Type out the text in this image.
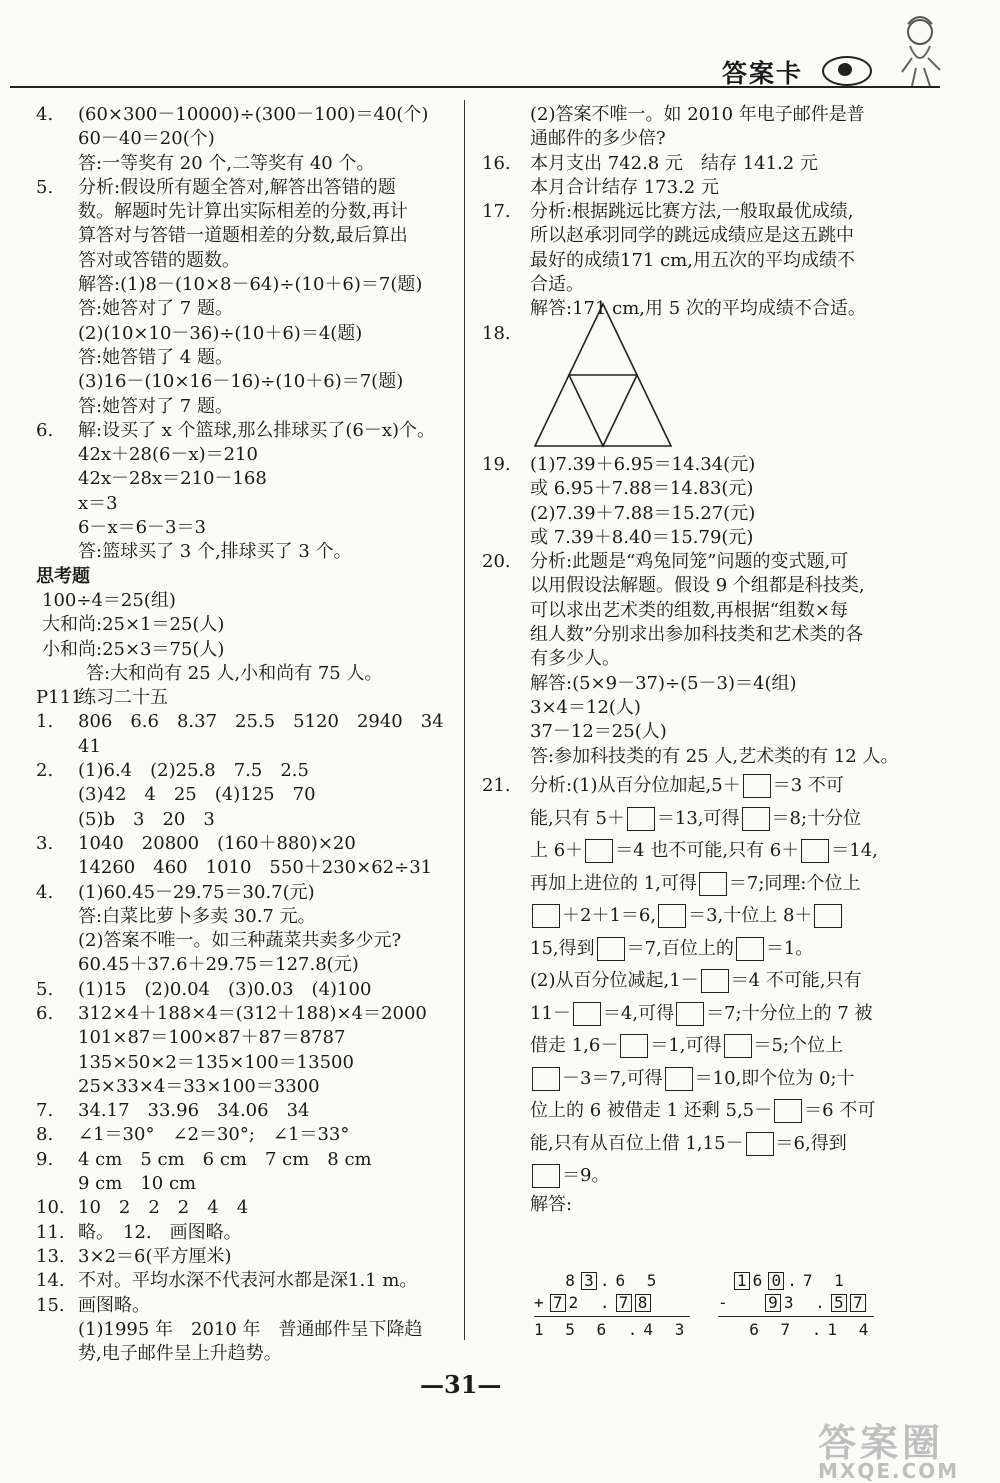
答案卡
4. (60×300－10000)÷(300－100)＝40(个)
60－40＝20(个)
答:一等奖有 20 个,二等奖有 40 个。
5. 分析:假设所有题全答对,解答出答错的题
数。解题时先计算出实际相差的分数,再计
算答对与答错一道题相差的分数,最后算出
答对或答错的题数。
解答:(1)8－(10×8－64)÷(10＋6)＝7(题)
答:她答对了 7 题。
(2)(10×10－36)÷(10＋6)＝4(题)
答:她答错了 4 题。
(3)16－(10×16－16)÷(10＋6)＝7(题)
答:她答对了 7 题。
6. 解:设买了 x 个篮球,那么排球买了(6－x)个。
42x＋28(6－x)＝210
42x－28x＝210－168
x＝3
6－x＝6－3＝3
答:篮球买了 3 个,排球买了 3 个。
思考题
100÷4＝25(组)
大和尚:25×1＝25(人)
小和尚:25×3＝75(人)
答:大和尚有 25 人,小和尚有 75 人。
P111练习二十五
1. 806　6.6　8.37　25.5　5120　2940　34
41
2. (1)6.4　(2)25.8　7.5　2.5
(3)42　4　25　(4)125　70
(5)b　3　20　3
3. 1040　20800　(160＋880)×20
14260　460　1010　550＋230×62÷31
4. (1)60.45－29.75＝30.7(元)
答:白菜比萝卜多卖 30.7 元。
(2)答案不唯一。如三种蔬菜共卖多少元?
60.45＋37.6＋29.75＝127.8(元)
5. (1)15　(2)0.04　(3)0.03　(4)100
6. 312×4＋188×4＝(312＋188)×4＝2000
101×87＝100×87＋87＝8787
135×50×2＝135×100＝13500
25×33×4＝33×100＝3300
7. 34.17　33.96　34.06　34
8. ∠1＝30°　∠2＝30°;　∠1＝33°
9. 4 cm　5 cm　6 cm　7 cm　8 cm
9 cm　10 cm
10. 10　2　2　2　4　4
11. 略。　12.　画图略。
13. 3×2＝6(平方厘米)
14. 不对。平均水深不代表河水都是深1.1 m。
15. 画图略。
(1)1995 年　2010 年　普通邮件呈下降趋
势,电子邮件呈上升趋势。
(2)答案不唯一。如 2010 年电子邮件是普
通邮件的多少倍?
16. 本月支出 742.8 元　结存 141.2 元
本月合计结存 173.2 元
17. 分析:根据跳远比赛方法,一般取最优成绩,
所以赵承羽同学的跳远成绩应是这五跳中
最好的成绩171 cm,用五次的平均成绩不
合适。
解答:171 cm,用 5 次的平均成绩不合适。
18.
19. (1)7.39＋6.95＝14.34(元)
或 6.95＋7.88＝14.83(元)
(2)7.39＋7.88＝15.27(元)
或 7.39＋8.40＝15.79(元)
20. 分析:此题是“鸡兔同笼”问题的变式题,可
以用假设法解题。假设 9 个组都是科技类,
可以求出艺术类的组数,再根据“组数×每
组人数”分别求出参加科技类和艺术类的各
有多少人。
解答:(5×9－37)÷(5－3)＝4(组)
3×4＝12(人)
37－12＝25(人)
答:参加科技类的有 25 人,艺术类的有 12 人。
21. 分析:(1)从百分位加起,5＋ ＝3 不可
能,只有 5＋ ＝13,可得 ＝8;十分位
上 6＋ ＝4 也不可能,只有 6＋ ＝14,
再加上进位的 1,可得 ＝7;同理:个位上
＋2＋1＝6, ＝3,十位上 8＋
15,得到 ＝7,百位上的 ＝1。
(2)从百分位减起,1－ ＝4 不可能,只有
11－ ＝4,可得 ＝7;十分位上的 7 被
借走 1,6－ ＝1,可得 ＝5;个位上
－3＝7,可得 ＝10,即个位为 0;十
位上的 6 被借走 1 还剩 5,5－ ＝6 不可
能,只有从百位上借 1,15－ ＝6,得到
＝9。
解答:
8 3 .6 5
+ 7 2 . 7 8
1 5 6 .4 3
1 6 0 .7 1
- 9 3 . 5 7
6 7 .1 4
—31—
答案圈
MXQE.COM
